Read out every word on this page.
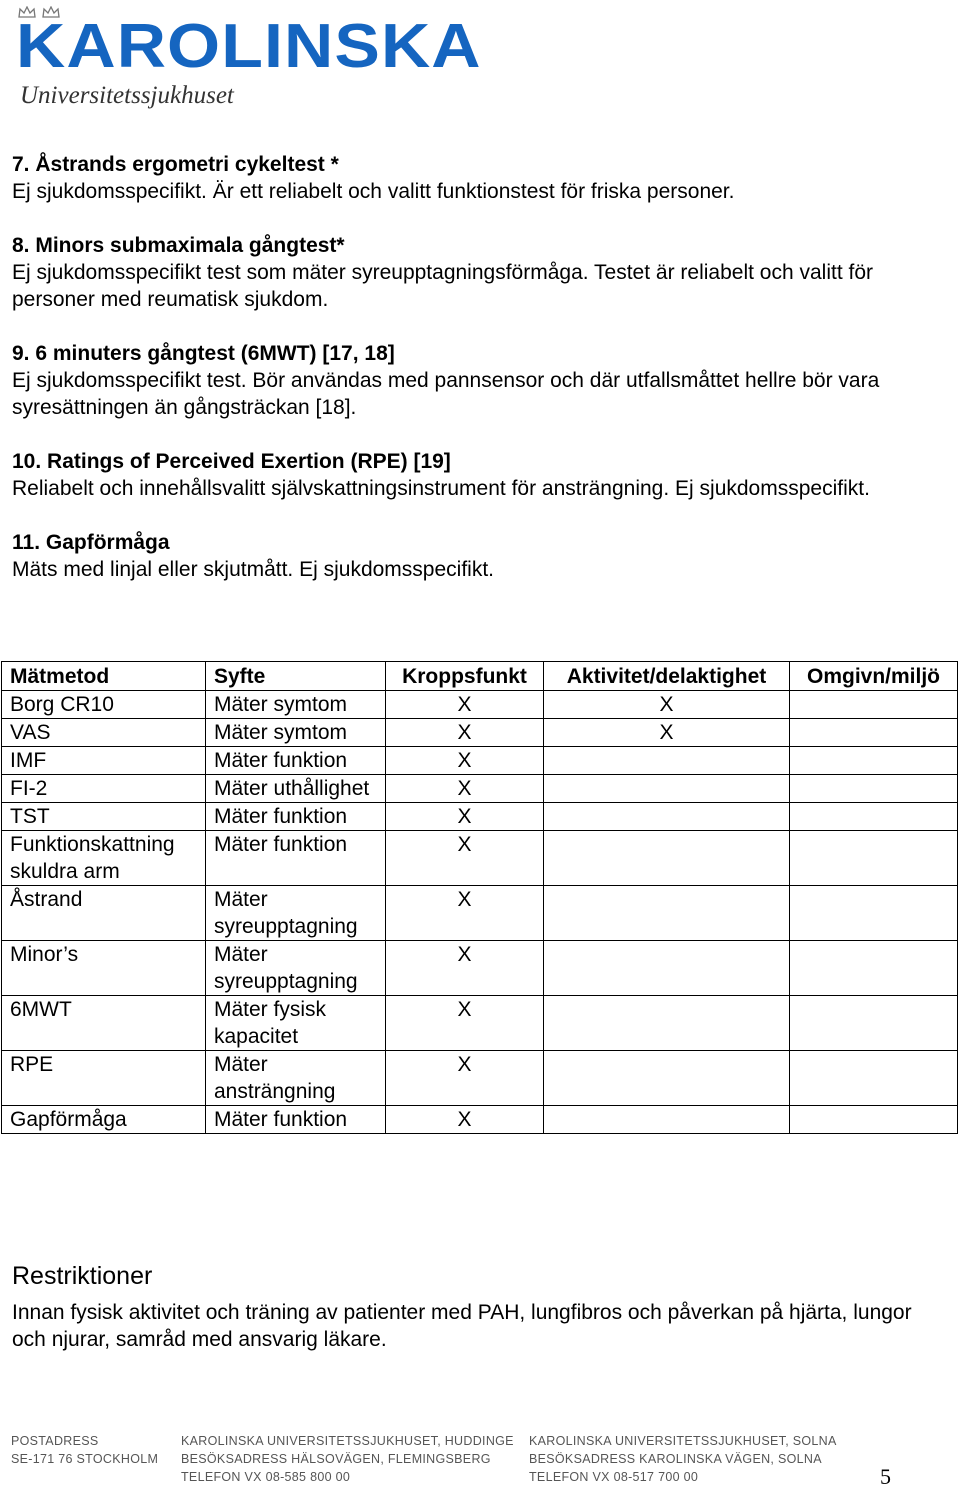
KAROLINSKA
Universitetssjukhuset
7. Åstrands ergometri cykeltest *
Ej sjukdomsspecifikt. Är ett reliabelt och valitt funktionstest för friska personer.
8. Minors submaximala gångtest*
Ej sjukdomsspecifikt test som mäter syreupptagningsförmåga. Testet är reliabelt och valitt för personer med reumatisk sjukdom.
9. 6 minuters gångtest (6MWT) [17, 18]
Ej sjukdomsspecifikt test. Bör användas med pannsensor och där utfallsmåttet hellre bör vara syresättningen än gångsträckan [18].
10. Ratings of Perceived Exertion (RPE) [19]
Reliabelt och innehållsvalitt självskattningsinstrument för ansträngning. Ej sjukdomsspecifikt.
11. Gapförmåga
Mäts med linjal eller skjutmått. Ej sjukdomsspecifikt.
Mätmetod	Syfte	Kroppsfunkt	Aktivitet/delaktighet	Omgivn/miljö
Borg CR10	Mäter symtom	X	X	
VAS	Mäter symtom	X	X	
IMF	Mäter funktion	X		
FI-2	Mäter uthållighet	X		
TST	Mäter funktion	X		
Funktionskattning skuldra arm	Mäter funktion	X		
Åstrand	Mäter syreupptagning	X		
Minor’s	Mäter syreupptagning	X		
6MWT	Mäter fysisk kapacitet	X		
RPE	Mäter ansträngning	X		
Gapförmåga	Mäter funktion	X		
Restriktioner
Innan fysisk aktivitet och träning av patienter med PAH, lungfibros och påverkan på hjärta, lungor och njurar, samråd med ansvarig läkare.
POSTADRESS
SE-171 76 STOCKHOLM
KAROLINSKA UNIVERSITETSSJUKHUSET, HUDDINGE
BESÖKSADRESS HÄLSOVÄGEN, FLEMINGSBERG
TELEFON VX 08-585 800 00
KAROLINSKA UNIVERSITETSSJUKHUSET, SOLNA
BESÖKSADRESS KAROLINSKA VÄGEN, SOLNA
TELEFON VX 08-517 700 00	5
